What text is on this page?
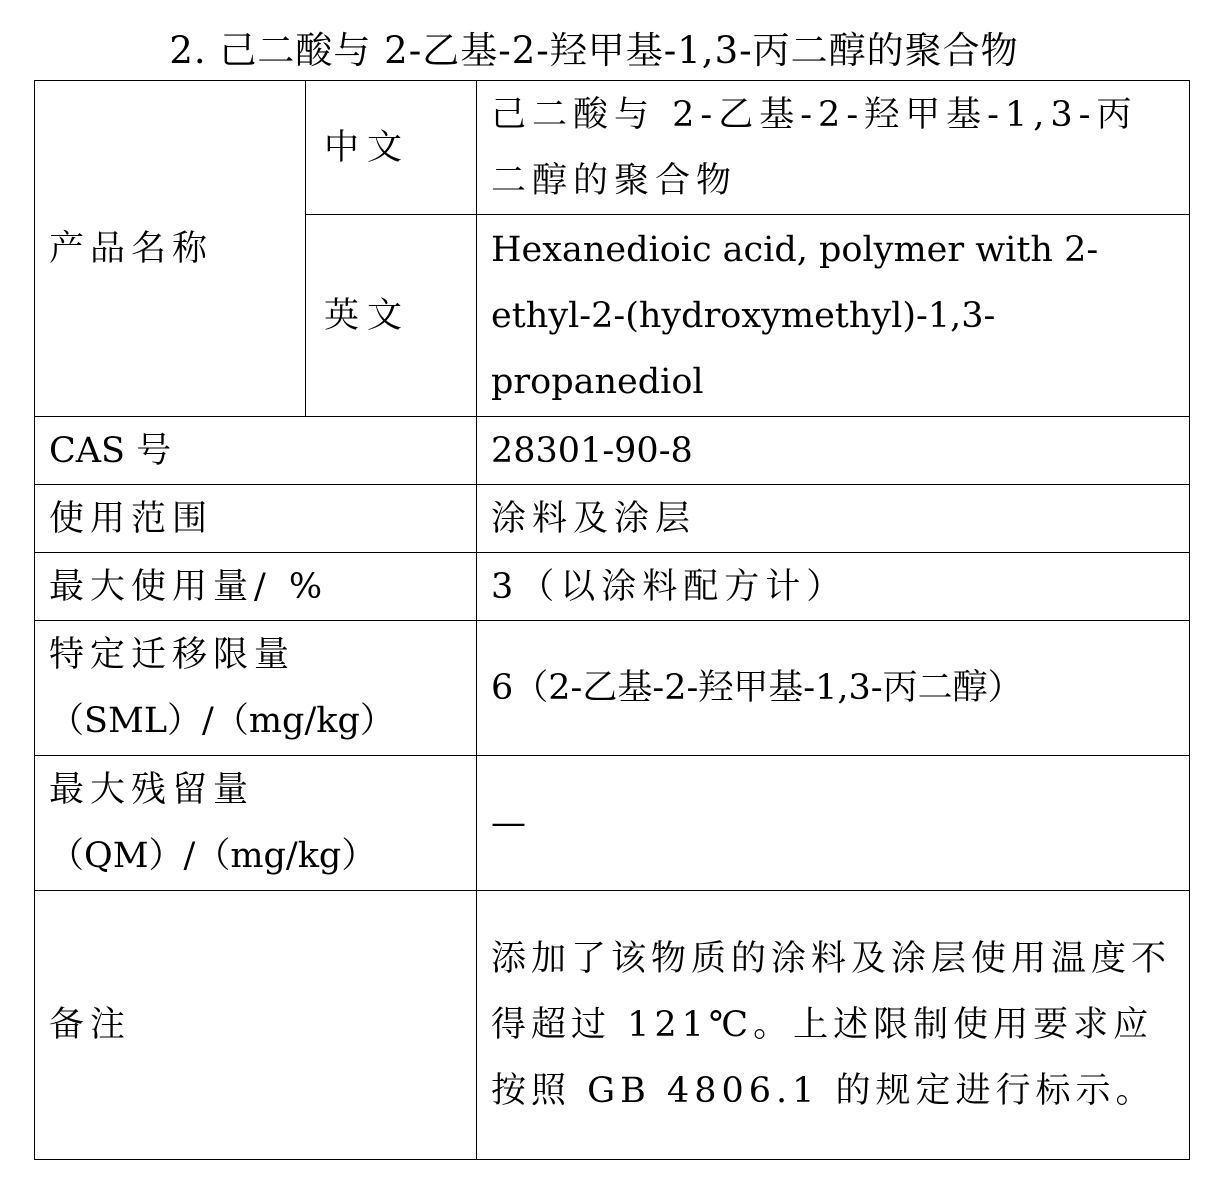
2. 己二酸与 2-乙基-2-羟甲基-1,3-丙二醇的聚合物
产品名称	中文	己二酸与 2-乙基-2-羟甲基-1,3-丙二醇的聚合物
	英文	Hexanedioic acid, polymer with 2-ethyl-2-(hydroxymethyl)-1,3-propanediol
CAS 号		28301-90-8
使用范围		涂料及涂层
最大使用量/ %		3（以涂料配方计）

特定迁移限量
（SML）/（mg/kg）		6（2-乙基-2-羟甲基-1,3-丙二醇）

最大残留量
（QM）/（mg/kg）		—
备注		添加了该物质的涂料及涂层使用温度不得超过 121℃。上述限制使用要求应按照 GB 4806.1 的规定进行标示。
